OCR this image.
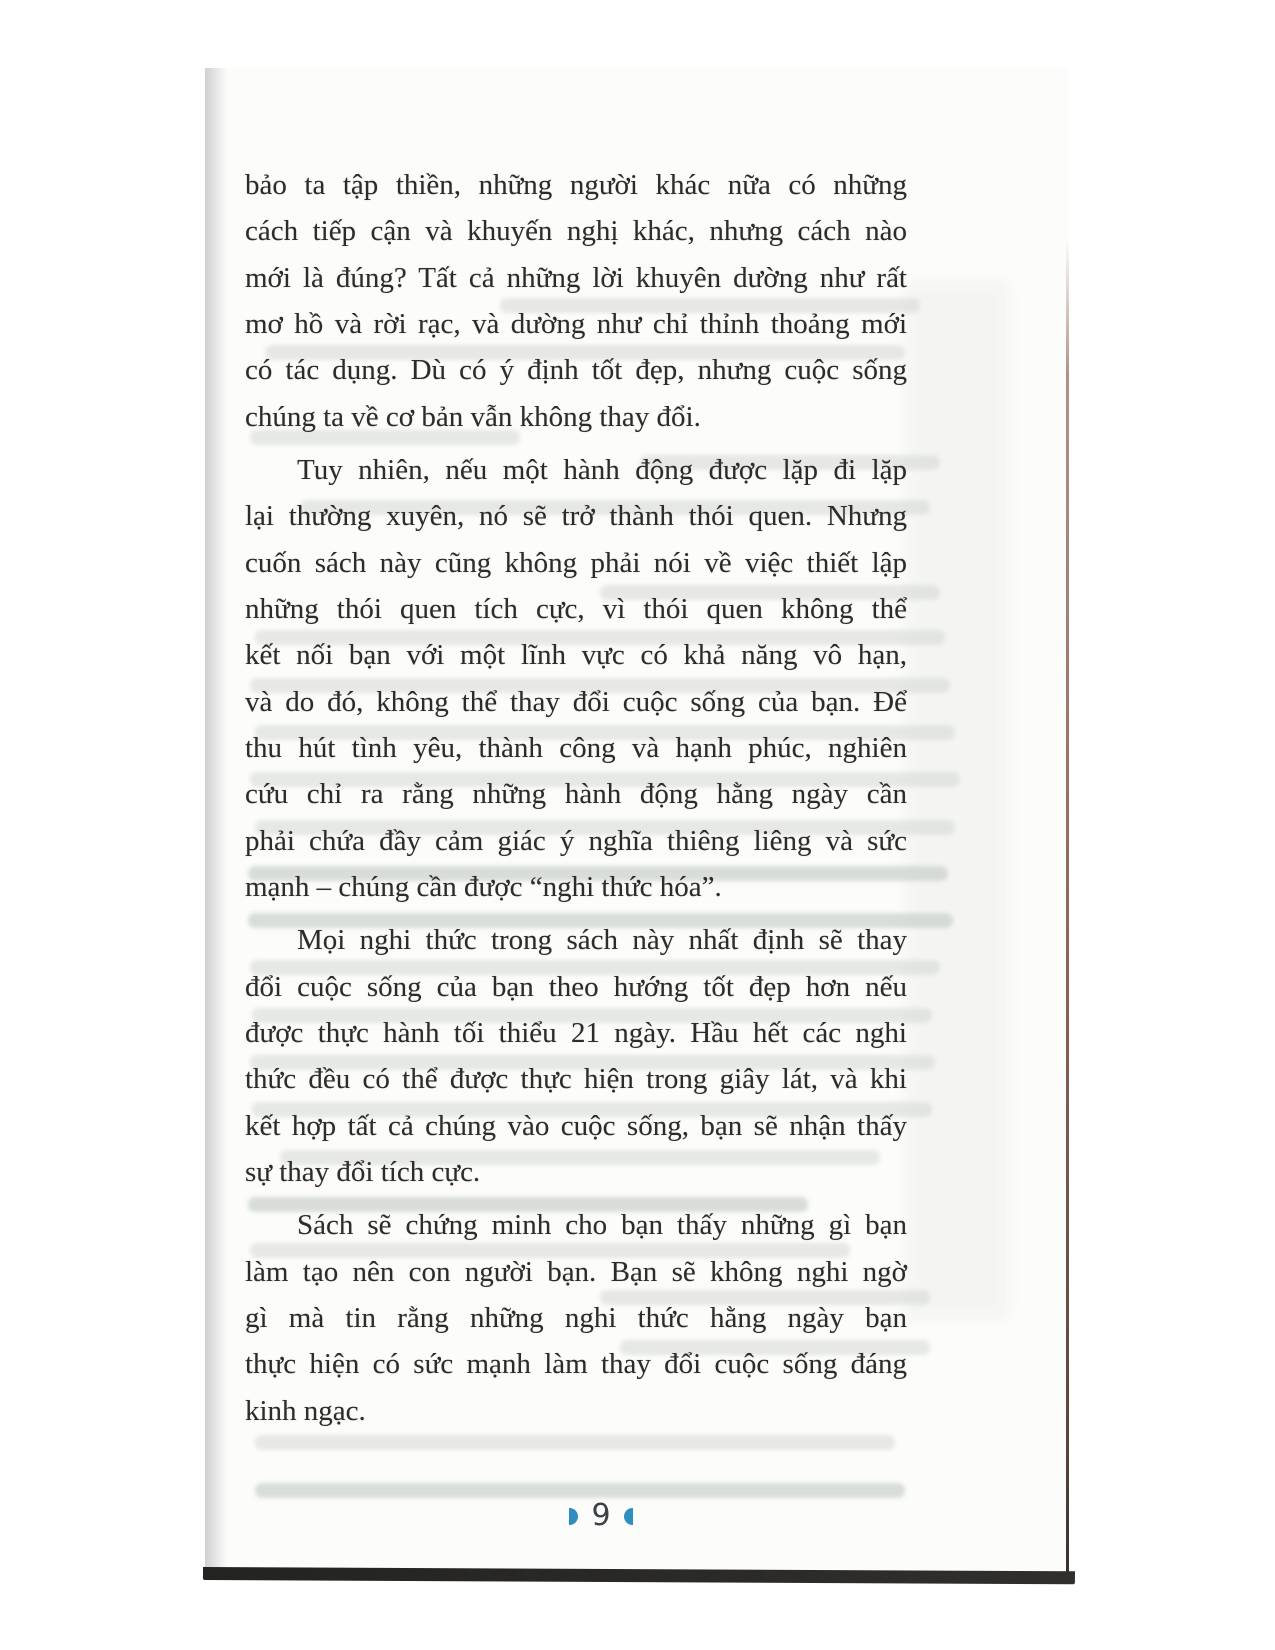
bảo ta tập thiền, những người khác nữa có những
cách tiếp cận và khuyến nghị khác, nhưng cách nào
mới là đúng? Tất cả những lời khuyên dường như rất
mơ hồ và rời rạc, và dường như chỉ thỉnh thoảng mới
có tác dụng. Dù có ý định tốt đẹp, nhưng cuộc sống
chúng ta về cơ bản vẫn không thay đổi.

Tuy nhiên, nếu một hành động được lặp đi lặp
lại thường xuyên, nó sẽ trở thành thói quen. Nhưng
cuốn sách này cũng không phải nói về việc thiết lập
những thói quen tích cực, vì thói quen không thể
kết nối bạn với một lĩnh vực có khả năng vô hạn,
và do đó, không thể thay đổi cuộc sống của bạn. Để
thu hút tình yêu, thành công và hạnh phúc, nghiên
cứu chỉ ra rằng những hành động hằng ngày cần
phải chứa đầy cảm giác ý nghĩa thiêng liêng và sức
mạnh – chúng cần được “nghi thức hóa”.

Mọi nghi thức trong sách này nhất định sẽ thay
đổi cuộc sống của bạn theo hướng tốt đẹp hơn nếu
được thực hành tối thiểu 21 ngày. Hầu hết các nghi
thức đều có thể được thực hiện trong giây lát, và khi
kết hợp tất cả chúng vào cuộc sống, bạn sẽ nhận thấy
sự thay đổi tích cực.

Sách sẽ chứng minh cho bạn thấy những gì bạn
làm tạo nên con người bạn. Bạn sẽ không nghi ngờ
gì mà tin rằng những nghi thức hằng ngày bạn
thực hiện có sức mạnh làm thay đổi cuộc sống đáng
kinh ngạc.

9
